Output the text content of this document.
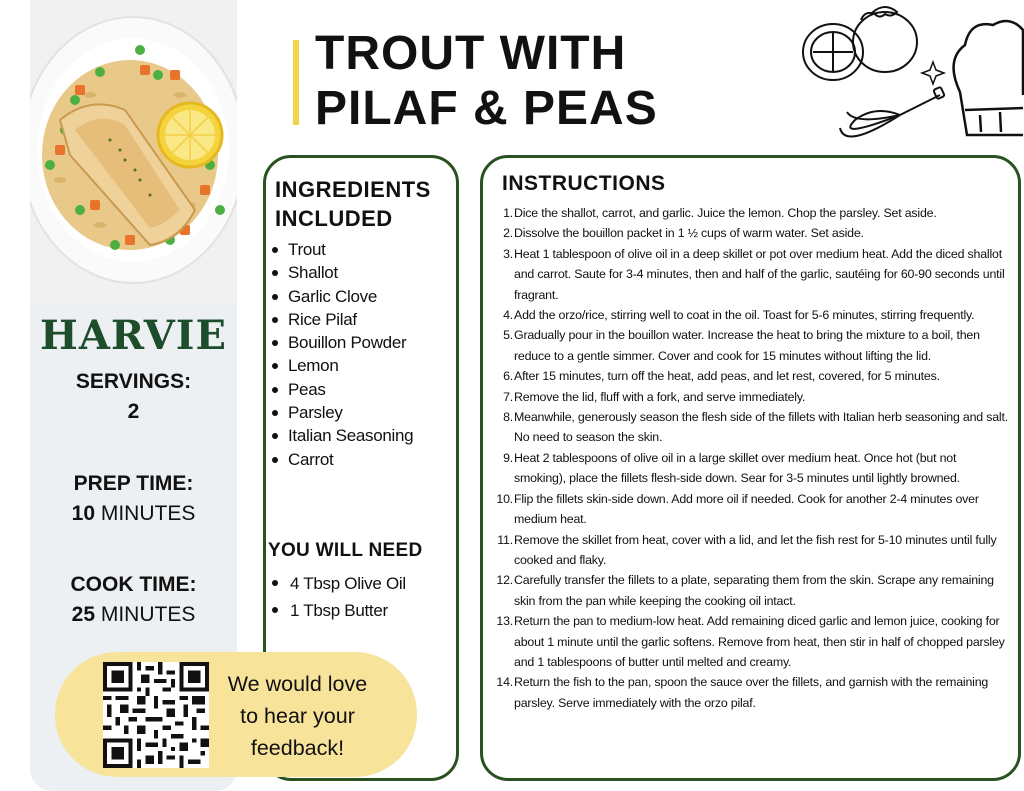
HARVIE
SERVINGS:
2
PREP TIME:
10 MINUTES
COOK TIME:
25 MINUTES
TROUT WITH
PILAF & PEAS
INGREDIENTS
INCLUDED
Trout
Shallot
Garlic Clove
Rice Pilaf
Bouillon Powder
Lemon
Peas
Parsley
Italian Seasoning
Carrot
YOU WILL NEED
4 Tbsp Olive Oil
1 Tbsp Butter
INSTRUCTIONS
1. Dice the shallot, carrot, and garlic. Juice the lemon. Chop the parsley. Set aside.
2. Dissolve the bouillon packet in 1 ½ cups of warm water. Set aside.
3. Heat 1 tablespoon of olive oil in a deep skillet or pot over medium heat. Add the diced shallot and carrot. Saute for 3-4 minutes, then and half of the garlic, sautéing for 60-90 seconds until fragrant.
4. Add the orzo/rice, stirring well to coat in the oil. Toast for 5-6 minutes, stirring frequently.
5. Gradually pour in the bouillon water. Increase the heat to bring the mixture to a boil, then reduce to a gentle simmer. Cover and cook for 15 minutes without lifting the lid.
6. After 15 minutes, turn off the heat, add peas, and let rest, covered, for 5 minutes.
7. Remove the lid, fluff with a fork, and serve immediately.
8. Meanwhile, generously season the flesh side of the fillets with Italian herb seasoning and salt. No need to season the skin.
9. Heat 2 tablespoons of olive oil in a large skillet over medium heat. Once hot (but not smoking), place the fillets flesh-side down. Sear for 3-5 minutes until lightly browned.
10. Flip the fillets skin-side down. Add more oil if needed. Cook for another 2-4 minutes over medium heat.
11. Remove the skillet from heat, cover with a lid, and let the fish rest for 5-10 minutes until fully cooked and flaky.
12. Carefully transfer the fillets to a plate, separating them from the skin. Scrape any remaining skin from the pan while keeping the cooking oil intact.
13. Return the pan to medium-low heat. Add remaining diced garlic and lemon juice, cooking for about 1 minute until the garlic softens. Remove from heat, then stir in half of chopped parsley and 1 tablespoons of butter until melted and creamy.
14. Return the fish to the pan, spoon the sauce over the fillets, and garnish with the remaining parsley. Serve immediately with the orzo pilaf.
We would love
to hear your
feedback!
